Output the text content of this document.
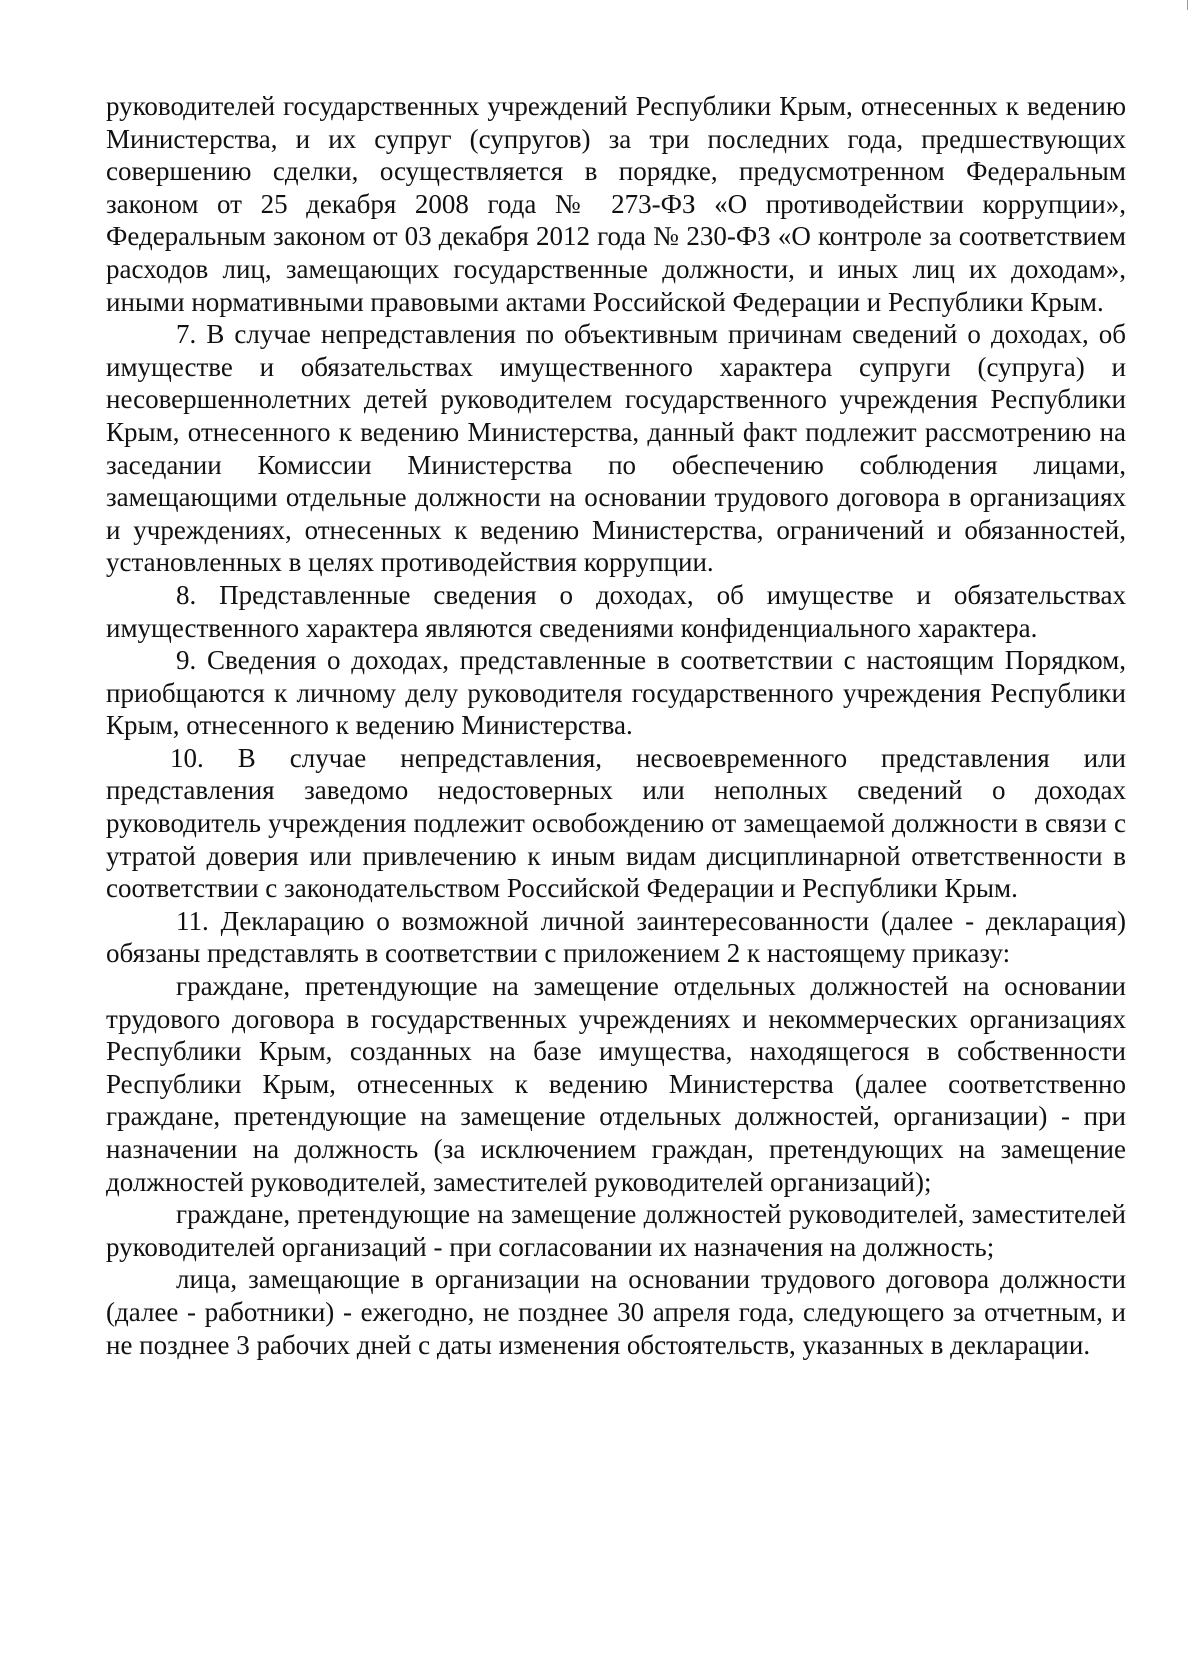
руководителей государственных учреждений Республики Крым, отнесенных к ведению Министерства, и их супруг (супругов) за три последних года, предшествующих совершению сделки, осуществляется в порядке, предусмотренном Федеральным законом от 25 декабря 2008 года № 273-ФЗ «О противодействии коррупции», Федеральным законом от 03 декабря 2012 года № 230-ФЗ «О контроле за соответствием расходов лиц, замещающих государственные должности, и иных лиц их доходам», иными нормативными правовыми актами Российской Федерации и Республики Крым.

7. В случае непредставления по объективным причинам сведений о доходах, об имуществе и обязательствах имущественного характера супруги (супруга) и несовершеннолетних детей руководителем государственного учреждения Республики Крым, отнесенного к ведению Министерства, данный факт подлежит рассмотрению на заседании Комиссии Министерства по обеспечению соблюдения лицами, замещающими отдельные должности на основании трудового договора в организациях и учреждениях, отнесенных к ведению Министерства, ограничений и обязанностей, установленных в целях противодействия коррупции.

8. Представленные сведения о доходах, об имуществе и обязательствах имущественного характера являются сведениями конфиденциального характера.

9. Сведения о доходах, представленные в соответствии с настоящим Порядком, приобщаются к личному делу руководителя государственного учреждения Республики Крым, отнесенного к ведению Министерства.

10. В случае непредставления, несвоевременного представления или представления заведомо недостоверных или неполных сведений о доходах руководитель учреждения подлежит освобождению от замещаемой должности в связи с утратой доверия или привлечению к иным видам дисциплинарной ответственности в соответствии с законодательством Российской Федерации и Республики Крым.

11. Декларацию о возможной личной заинтересованности (далее - декларация) обязаны представлять в соответствии с приложением 2 к настоящему приказу:

граждане, претендующие на замещение отдельных должностей на основании трудового договора в государственных учреждениях и некоммерческих организациях Республики Крым, созданных на базе имущества, находящегося в собственности Республики Крым, отнесенных к ведению Министерства (далее соответственно граждане, претендующие на замещение отдельных должностей, организации) - при назначении на должность (за исключением граждан, претендующих на замещение должностей руководителей, заместителей руководителей организаций);

граждане, претендующие на замещение должностей руководителей, заместителей руководителей организаций - при согласовании их назначения на должность;

лица, замещающие в организации на основании трудового договора должности (далее - работники) - ежегодно, не позднее 30 апреля года, следующего за отчетным, и не позднее 3 рабочих дней с даты изменения обстоятельств, указанных в декларации.
